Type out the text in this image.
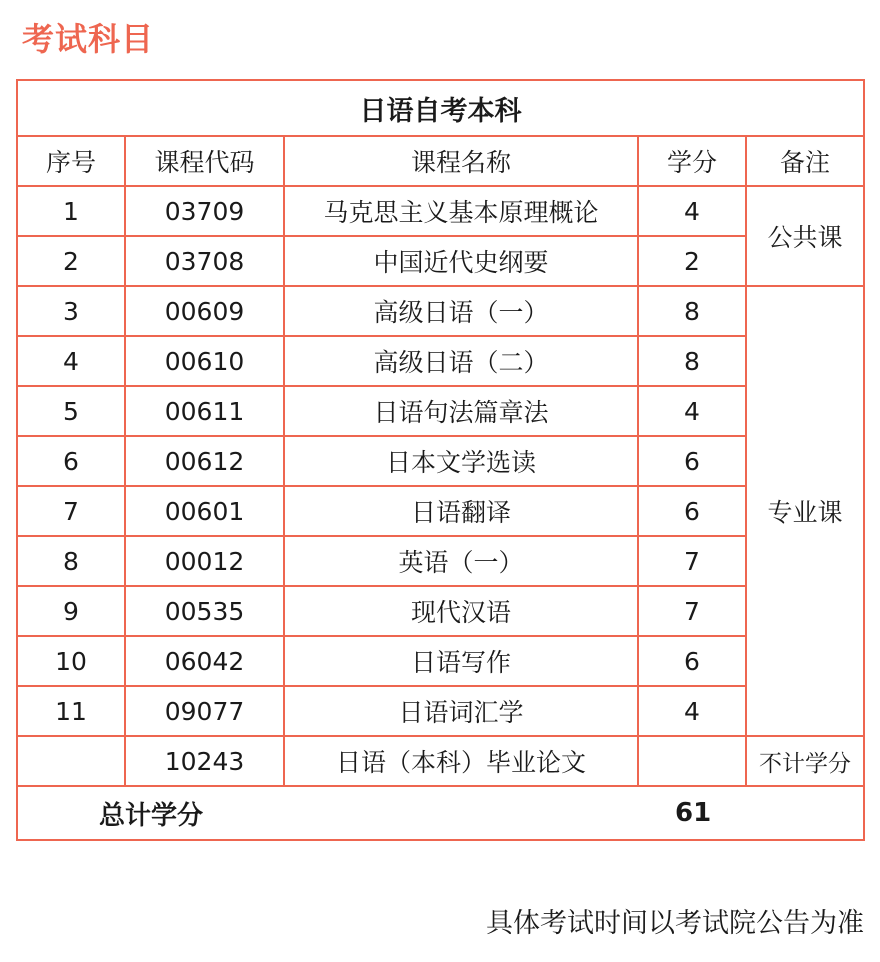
考试科目
日语自考本科				
序号	课程代码	课程名称	学分	备注
1	03709	马克思主义基本原理概论	4	公共课
2	03708	中国近代史纲要	2	
3	00609	高级日语（一）	8	专业课
4	00610	高级日语（二）	8	
5	00611	日语句法篇章法	4	
6	00612	日本文学选读	6	
7	00601	日语翻译	6	
8	00012	英语（一）	7	
9	00535	现代汉语	7	
10	06042	日语写作	6	
11	09077	日语词汇学	4	
	10243	日语（本科）毕业论文		不计学分
总计学分		61		

具体考试时间以考试院公告为准
